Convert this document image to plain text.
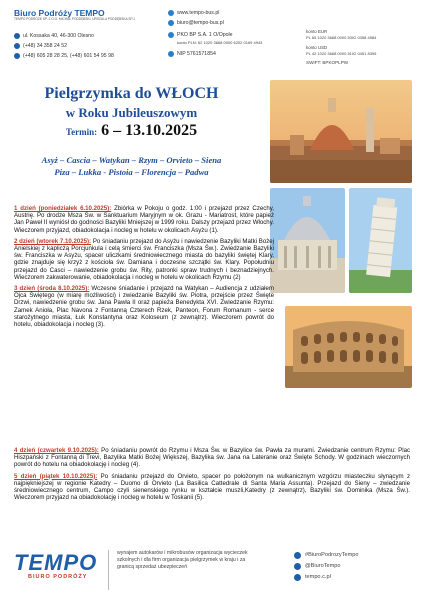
Biuro Podróży TEMPO
TEMPO PODRÓŻE SP. Z O.O. MICHAŁ PODDĘBSKI, URSZULA PODDĘBSKA SP.J.
ul. Kossaka 40, 46-300 Olesno
(+48) 34 358 24 52
(+48) 605 28 28 25, (+48) 601 54 95 98
www.tempo-bus.pl
biuro@tempo-bus.pl
PKO BP S.A. 1 O/Opole
konto PLN: 62 1020 3668 0000 6202 0169 4943
NIP 5761571854
konto EUR
PL 65 1020 3668 0000 5302 0358 4984
konto USD
PL 42 1020 3668 0000 5102 0451 8395
SWIFT: BPKOPLPW
Pielgrzymka do WŁOCH
w Roku Jubileuszowym
Termin: 6 – 13.10.2025
Asyż – Cascia – Watykan – Rzym – Orvieto – Siena
Piza – Lukka - Pistoia – Florencja – Padwa

1 dzień (poniedziałek 6.10.2025): Zbiórka w Pokoju o godz. 1:00 i przejazd przez Czechy, Austrię. Po drodze Msza Św. w Sanktuarium Maryjnym w ok. Grazu - Mariatrost, które papież Jan Paweł II wyniósł do godności Bazyliki Mniejszej w 1999 roku. Dalszy przejazd przez Włochy. Wieczorem przyjazd, obiadokolacja i nocleg w hotelu w okolicach Asyżu (1).

2 dzień (wtorek 7.10.2025): Po śniadaniu przejazd do Asyżu i nawiedzenie Bazyliki Matki Bożej Anielskiej z kaplicżą Porcjunkula i celą śmierci św. Franciszka (Msza Św.). Zwiedzanie Bazyliki św. Franciszka w Asyżu, spacer uliczkami średniowiecznego miasta do bazyliki świętej Klary, gdzie znajduje się krzyż z kościoła św. Damiana i doczesne szczątki św. Klary. Popołudniu przejazd do Casci – nawiedzenie grobu św. Rity, patronki spraw trudnych i beznadziejnych. Wieczorem zakwaterowanie, obiadokolacja i nocleg w hotelu w okolicach Rzymu (2)

3 dzień (środa 8.10.2025): Wczesne śniadanie i przejazd na Watykan – Audiencja z udziałem Ojca Świętego (w miarę możliwości) i zwiedzanie Bazyliki św. Piotra, przejście przez Święte Drzwi, nawiedzenie grobu św. Jana Pawła II oraz papieża Benedykta XVI. Zwiedzanie Rzymu: Zamek Anioła, Plac Navona z Fontanną Czterech Rzek, Panteon, Forum Romanum - serce starożytnego miasta, Łuk Konstantyna oraz Koloseum (z zewnątrz). Wieczorem powrót do hotelu, obiadokolacja i nocleg (3).

4 dzień (czwartek 9.10.2025): Po śniadaniu powrót do Rzymu i Msza Św. w Bazylice św. Pawła za murami. Zwiedzanie centrum Rzymu: Plac Hiszpański z Fontanną di Trevi, Bazylika Matki Bożej Większej, Bazylika św. Jana na Lateranie oraz Święte Schody. W godzinach wieczornych powrót do hotelu na obiadokolację i nocleg (4).

5 dzień (piątek 10.10.2025): Po śniadaniu przejazd do Orvieto, spacer po położonym na wulkanicznym wzgórzu miasteczku słynącym z najpiękniejszej w regionie Katedry – Duomo di Orvieto (La Basilica Cattedrale di Santa Maria Assunta). Przejazd do Sieny – zwiedzanie średniowiecznego centrum, Campo czyli sienenskiego rynku w kształcie muszli,Katedry (z zewnątrz), Bazyliki św. Dominika (Msza Św.). Wieczorem przyjazd na obiadokolację i nocleg w hotelu w Toskanii (5).

TEMPO
BIURO PODRÓŻY
wynajem autokarów i mikrobusów organizacja wycieczek szkolnych i dla firm organizacja pielgrzymek w kraju i za granicą sprzedaż ubezpieczeń
#BiuroPodrozyTempo
@BiuroTempo
tempo.c.pl
